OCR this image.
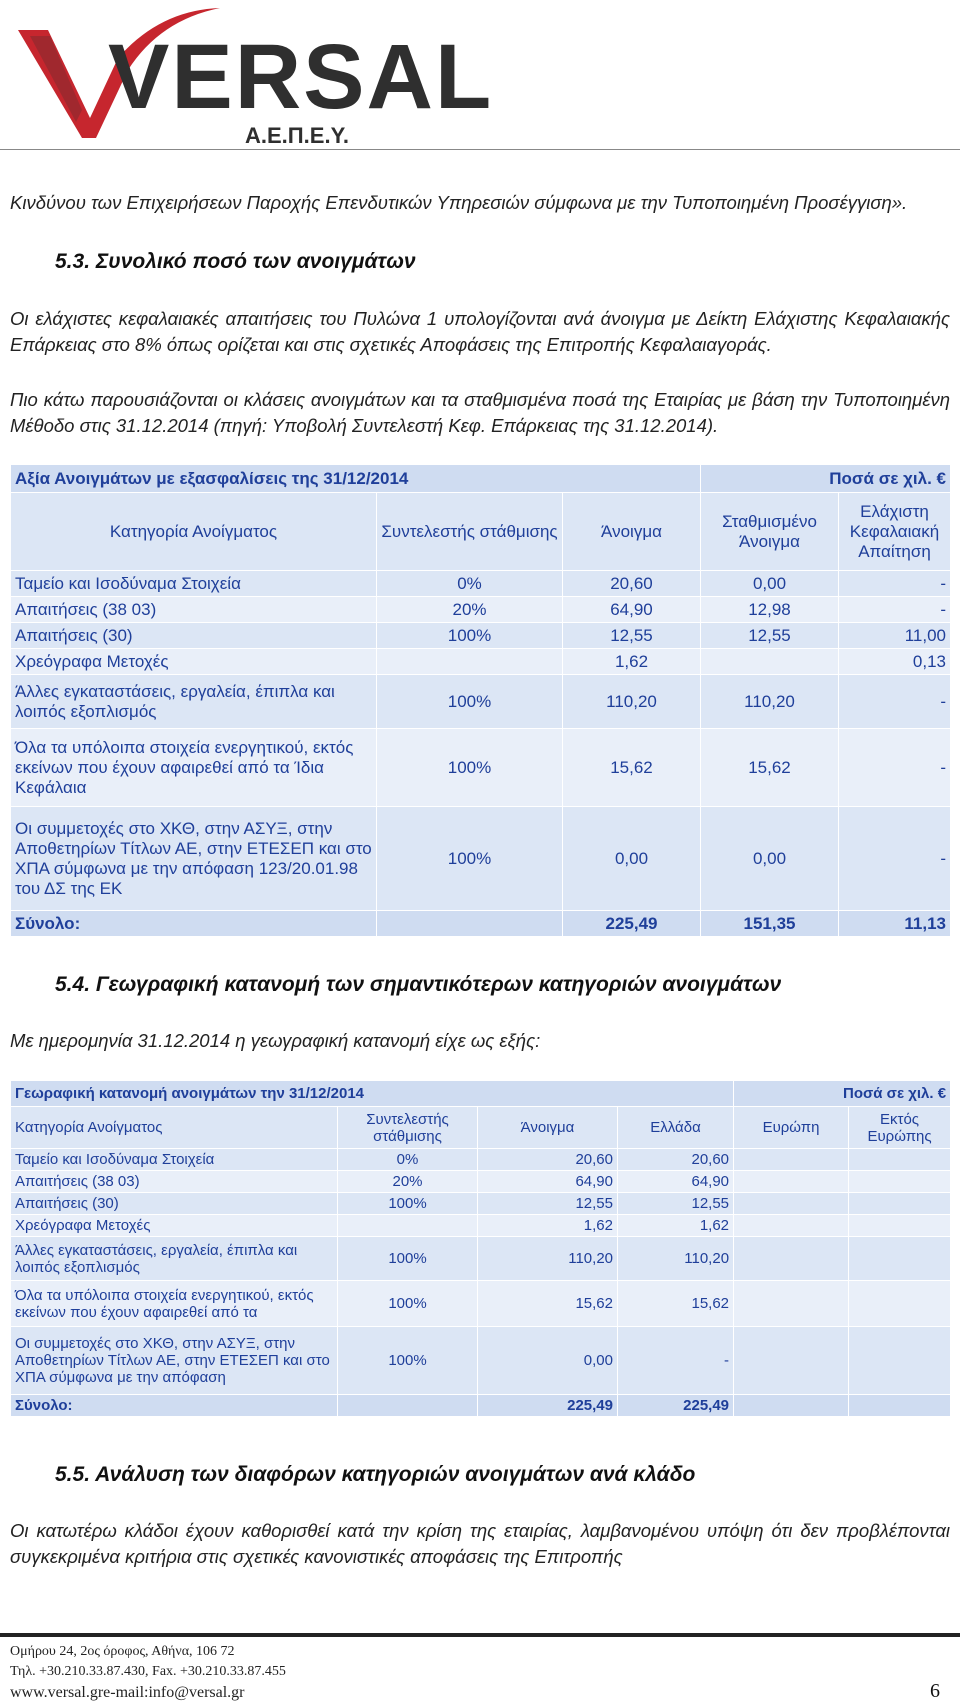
VERSAL
Α.Ε.Π.Ε.Υ.
Κινδύνου των Επιχειρήσεων Παροχής Επενδυτικών Υπηρεσιών σύμφωνα με την Τυποποιημένη Προσέγγιση».
5.3. Συνολικό ποσό των ανοιγμάτων
Οι ελάχιστες κεφαλαιακές απαιτήσεις του Πυλώνα 1 υπολογίζονται ανά άνοιγμα με Δείκτη Ελάχιστης Κεφαλαιακής Επάρκειας στο 8% όπως ορίζεται και στις σχετικές Αποφάσεις της Επιτροπής Κεφαλαιαγοράς.
Πιο κάτω παρουσιάζονται οι κλάσεις ανοιγμάτων και τα σταθμισμένα ποσά της Εταιρίας με βάση την Τυποποιημένη Μέθοδο στις 31.12.2014 (πηγή: Υποβολή Συντελεστή Κεφ. Επάρκειας της 31.12.2014).
Αξία Ανοιγμάτων με εξασφαλίσεις της 31/12/2014			Ποσά σε χιλ. €	
Κατηγορία Ανοίγματος	Συντελεστής στάθμισης	Άνοιγμα	Σταθμισμένο Άνοιγμα	Ελάχιστη Κεφαλαιακή Απαίτηση
Ταμείο και Ισοδύναμα Στοιχεία	0%	20,60	0,00	-
Απαιτήσεις (38 03)	20%	64,90	12,98	-
Απαιτήσεις (30)	100%	12,55	12,55	11,00
Χρεόγραφα Μετοχές		1,62		0,13
Άλλες εγκαταστάσεις, εργαλεία, έπιπλα και λοιπός εξοπλισμός	100%	110,20	110,20	-
Όλα τα υπόλοιπα στοιχεία ενεργητικού, εκτός εκείνων που έχουν αφαιρεθεί από τα Ίδια Κεφάλαια	100%	15,62	15,62	-
Οι συμμετοχές στο ΧΚΘ, στην ΑΣΥΞ, στην Αποθετηρίων Τίτλων ΑΕ, στην ΕΤΕΣΕΠ και στο ΧΠΑ σύμφωνα με την απόφαση 123/20.01.98 του ΔΣ της ΕΚ	100%	0,00	0,00	-
Σύνολο:		225,49	151,35	11,13
5.4. Γεωγραφική κατανομή των σημαντικότερων κατηγοριών ανοιγμάτων
Με ημερομηνία 31.12.2014 η γεωγραφική κατανομή είχε ως εξής:
Γεωραφική κατανομή ανοιγμάτων την 31/12/2014				Ποσά σε χιλ. €	
Κατηγορία Ανοίγματος	Συντελεστής στάθμισης	Άνοιγμα	Ελλάδα	Ευρώπη	Εκτός Ευρώπης
Ταμείο και Ισοδύναμα Στοιχεία	0%	20,60	20,60		
Απαιτήσεις (38 03)	20%	64,90	64,90		
Απαιτήσεις (30)	100%	12,55	12,55		
Χρεόγραφα Μετοχές		1,62	1,62		
Άλλες εγκαταστάσεις, εργαλεία, έπιπλα και λοιπός εξοπλισμός	100%	110,20	110,20		
Όλα τα υπόλοιπα στοιχεία ενεργητικού, εκτός εκείνων που έχουν αφαιρεθεί από τα	100%	15,62	15,62		
Οι συμμετοχές στο ΧΚΘ, στην ΑΣΥΞ, στην Αποθετηρίων Τίτλων ΑΕ, στην ΕΤΕΣΕΠ και στο ΧΠΑ σύμφωνα με την απόφαση	100%	0,00	-		
Σύνολο:		225,49	225,49		
5.5. Ανάλυση των διαφόρων κατηγοριών ανοιγμάτων ανά κλάδο
Οι κατωτέρω κλάδοι έχουν καθορισθεί κατά την κρίση της εταιρίας, λαμβανομένου υπόψη ότι δεν προβλέπονται συγκεκριμένα κριτήρια στις σχετικές κανονιστικές αποφάσεις της Επιτροπής
Ομήρου 24, 2ος όροφος, Αθήνα, 106 72
Τηλ. +30.210.33.87.430, Fax. +30.210.33.87.455
www.versal.gre-mail:info@versal.gr	6
